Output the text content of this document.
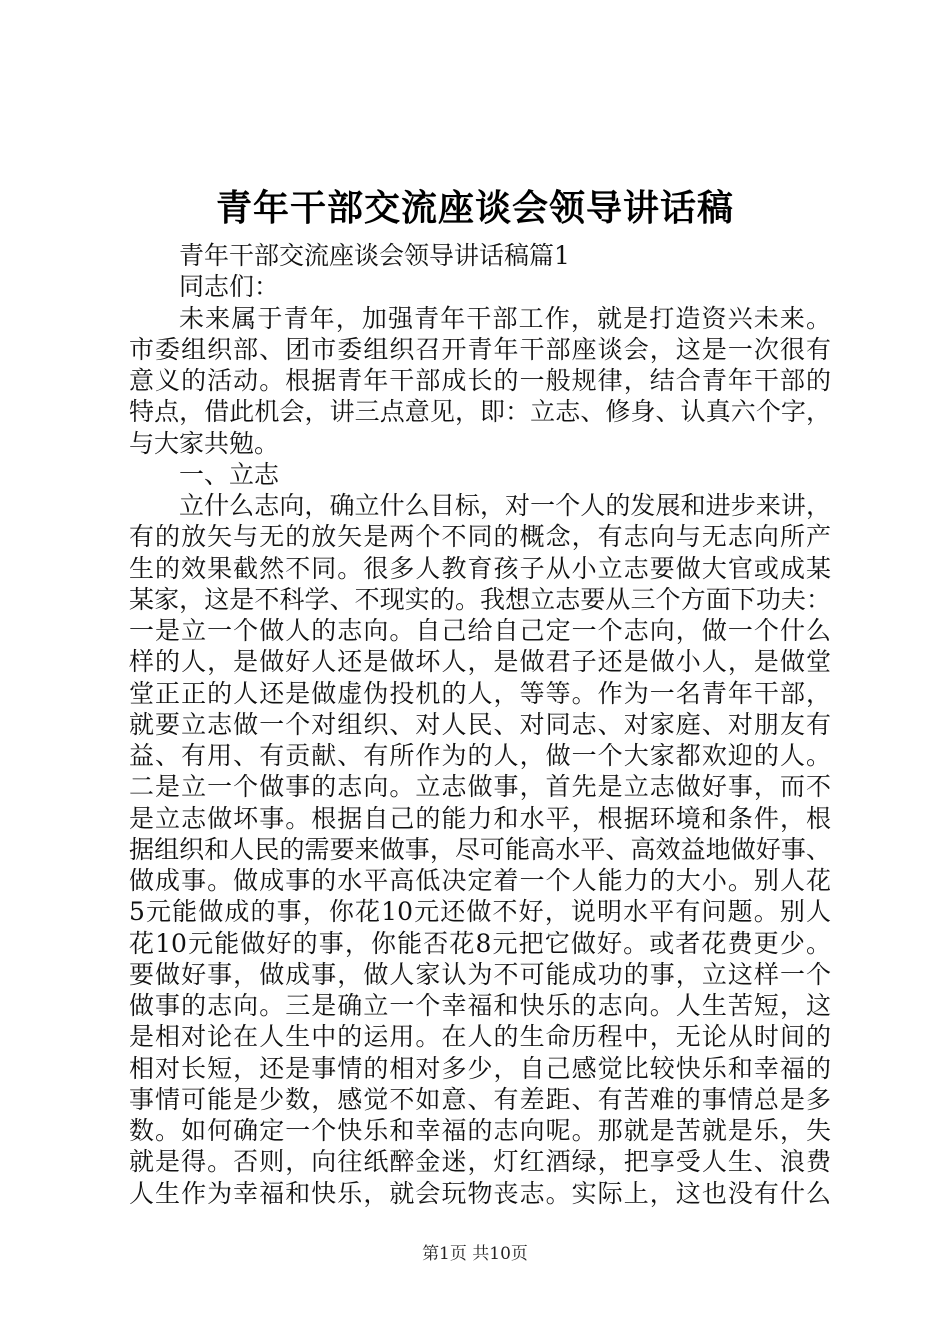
青年干部交流座谈会领导讲话稿
青年干部交流座谈会领导讲话稿篇1
同志们：
未来属于青年，加强青年干部工作，就是打造资兴未来。
市委组织部、团市委组织召开青年干部座谈会，这是一次很有
意义的活动。根据青年干部成长的一般规律，结合青年干部的
特点，借此机会，讲三点意见，即：立志、修身、认真六个字，
与大家共勉。
一、立志
立什么志向，确立什么目标，对一个人的发展和进步来讲，
有的放矢与无的放矢是两个不同的概念，有志向与无志向所产
生的效果截然不同。很多人教育孩子从小立志要做大官或成某
某家，这是不科学、不现实的。我想立志要从三个方面下功夫：
一是立一个做人的志向。自己给自己定一个志向，做一个什么
样的人，是做好人还是做坏人，是做君子还是做小人，是做堂
堂正正的人还是做虚伪投机的人，等等。作为一名青年干部，
就要立志做一个对组织、对人民、对同志、对家庭、对朋友有
益、有用、有贡献、有所作为的人，做一个大家都欢迎的人。
二是立一个做事的志向。立志做事，首先是立志做好事，而不
是立志做坏事。根据自己的能力和水平，根据环境和条件，根
据组织和人民的需要来做事，尽可能高水平、高效益地做好事、
做成事。做成事的水平高低决定着一个人能力的大小。别人花
5元能做成的事，你花10元还做不好，说明水平有问题。别人
花10元能做好的事，你能否花8元把它做好。或者花费更少。
要做好事，做成事，做人家认为不可能成功的事，立这样一个
做事的志向。三是确立一个幸福和快乐的志向。人生苦短，这
是相对论在人生中的运用。在人的生命历程中，无论从时间的
相对长短，还是事情的相对多少，自己感觉比较快乐和幸福的
事情可能是少数，感觉不如意、有差距、有苦难的事情总是多
数。如何确定一个快乐和幸福的志向呢。那就是苦就是乐，失
就是得。否则，向往纸醉金迷，灯红酒绿，把享受人生、浪费
人生作为幸福和快乐，就会玩物丧志。实际上，这也没有什么
第1页 共10页
